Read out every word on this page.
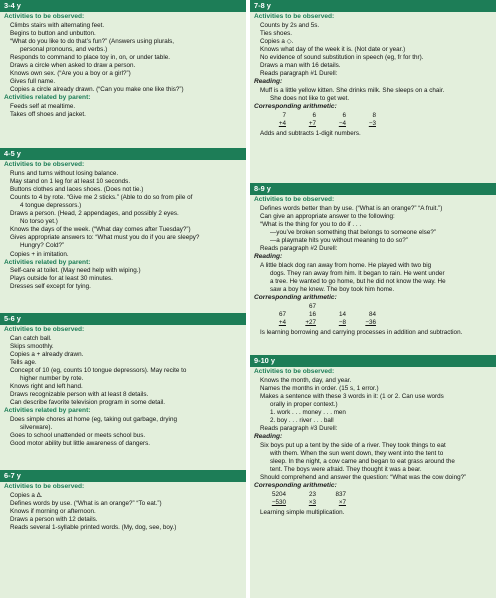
3-4 y
Activities to be observed:
Climbs stairs with alternating feet.
Begins to button and unbutton.
“What do you like to do that’s fun?” (Answers using plurals,
personal pronouns, and verbs.)
Responds to command to place toy in, on, or under table.
Draws a circle when asked to draw a person.
Knows own sex. (“Are you a boy or a girl?”)
Gives full name.
Copies a circle already drawn. (“Can you make one like this?”)
Activities related by parent:
Feeds self at mealtime.
Takes off shoes and jacket.
4-5 y
Activities to be observed:
Runs and turns without losing balance.
May stand on 1 leg for at least 10 seconds.
Buttons clothes and laces shoes. (Does not tie.)
Counts to 4 by rote. “Give me 2 sticks.” (Able to do so from pile of
4 tongue depressors.)
Draws a person. (Head, 2 appendages, and possibly 2 eyes.
No torso yet.)
Knows the days of the week. (“What day comes after Tuesday?”)
Gives appropriate answers to: “What must you do if you are sleepy?
Hungry? Cold?”
Copies + in imitation.
Activities related by parent:
Self-care at toilet. (May need help with wiping.)
Plays outside for at least 30 minutes.
Dresses self except for tying.
5-6 y
Activities to be observed:
Can catch ball.
Skips smoothly.
Copies a + already drawn.
Tells age.
Concept of 10 (eg, counts 10 tongue depressors). May recite to
higher number by rote.
Knows right and left hand.
Draws recognizable person with at least 8 details.
Can describe favorite television program in some detail.
Activities related by parent:
Does simple chores at home (eg, taking out garbage, drying
silverware).
Goes to school unattended or meets school bus.
Good motor ability but little awareness of dangers.
6-7 y
Activities to be observed:
Copies a Δ.
Defines words by use. (“What is an orange?” “To eat.”)
Knows if morning or afternoon.
Draws a person with 12 details.
Reads several 1-syllable printed words. (My, dog, see, boy.)
7-8 y
Activities to be observed:
Counts by 2s and 5s.
Ties shoes.
Copies a ◇.
Knows what day of the week it is. (Not date or year.)
No evidence of sound substitution in speech (eg, fr for thr).
Draws a man with 16 details.
Reads paragraph #1 Durell:
Reading:
Muff is a little yellow kitten. She drinks milk. She sleeps on a chair.
She does not like to get wet.
Corresponding arithmetic:
7	6	6	8
+4	+7	−4	−3
Adds and subtracts 1-digit numbers.
8-9 y
Activities to be observed:
Defines words better than by use. (“What is an orange?” “A fruit.”)
Can give an appropriate answer to the following:
“What is the thing for you to do if . . .
—you’ve broken something that belongs to someone else?”
—a playmate hits you without meaning to do so?”
Reads paragraph #2 Durell:
Reading:
A little black dog ran away from home. He played with two big
dogs. They ran away from him. It began to rain. He went under
a tree. He wanted to go home, but he did not know the way. He
saw a boy he knew. The boy took him home.
Corresponding arithmetic:
67
67	16	14	84
+4	+27	−8	−36
Is learning borrowing and carrying processes in addition and subtraction.
9-10 y
Activities to be observed:
Knows the month, day, and year.
Names the months in order. (15 s, 1 error.)
Makes a sentence with these 3 words in it: (1 or 2. Can use words
orally in proper context.)
1. work . . . money . . . men
2. boy . . . river . . . ball
Reads paragraph #3 Durell:
Reading:
Six boys put up a tent by the side of a river. They took things to eat
with them. When the sun went down, they went into the tent to
sleep. In the night, a cow came and began to eat grass around the
tent. The boys were afraid. They thought it was a bear.
Should comprehend and answer the question: “What was the cow doing?”
Corresponding arithmetic:
5204	23	837
−530	×3	×7
Learning simple multiplication.
